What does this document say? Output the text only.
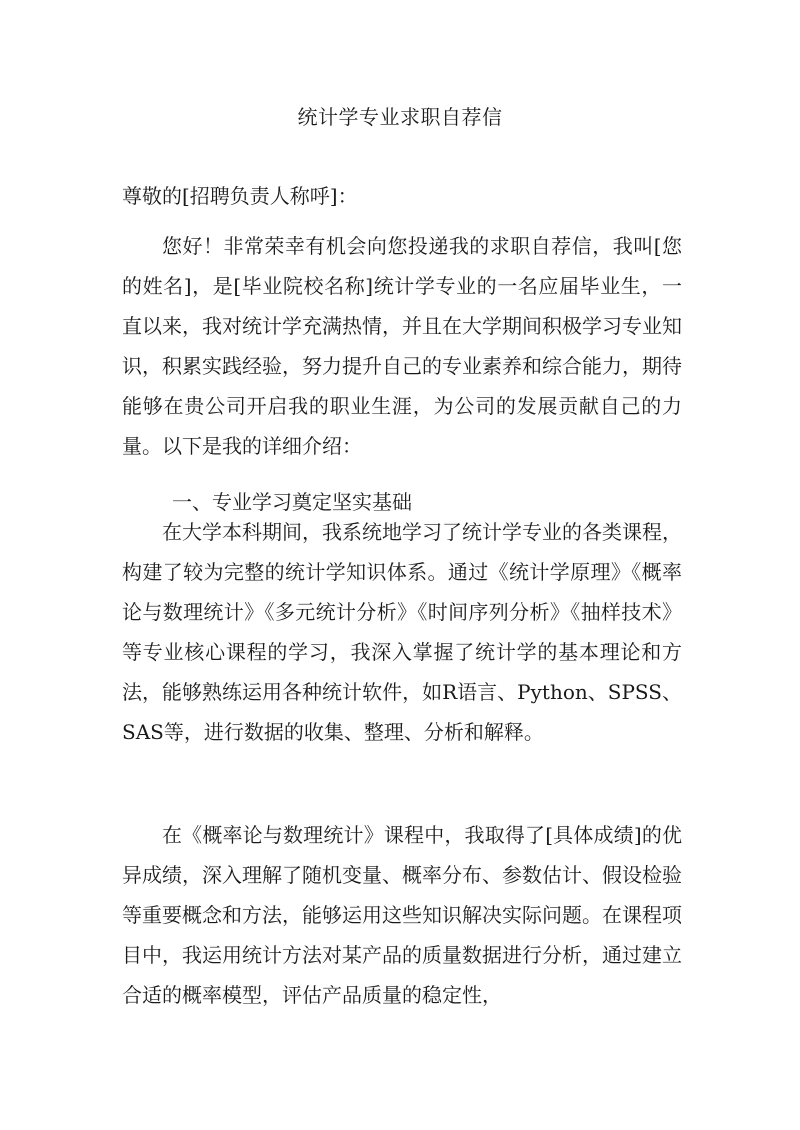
统计学专业求职自荐信
尊敬的[招聘负责人称呼]：

您好！非常荣幸有机会向您投递我的求职自荐信，我叫[您的姓名]，是[毕业院校名称]统计学专业的一名应届毕业生，一直以来，我对统计学充满热情，并且在大学期间积极学习专业知识，积累实践经验，努力提升自己的专业素养和综合能力，期待能够在贵公司开启我的职业生涯，为公司的发展贡献自己的力量。以下是我的详细介绍：

一、专业学习奠定坚实基础

在大学本科期间，我系统地学习了统计学专业的各类课程，构建了较为完整的统计学知识体系。通过《统计学原理》《概率论与数理统计》《多元统计分析》《时间序列分析》《抽样技术》等专业核心课程的学习，我深入掌握了统计学的基本理论和方法，能够熟练运用各种统计软件，如R语言、Python、SPSS、SAS等，进行数据的收集、整理、分析和解释。

在《概率论与数理统计》课程中，我取得了[具体成绩]的优异成绩，深入理解了随机变量、概率分布、参数估计、假设检验等重要概念和方法，能够运用这些知识解决实际问题。在课程项目中，我运用统计方法对某产品的质量数据进行分析，通过建立合适的概率模型，评估产品质量的稳定性，
